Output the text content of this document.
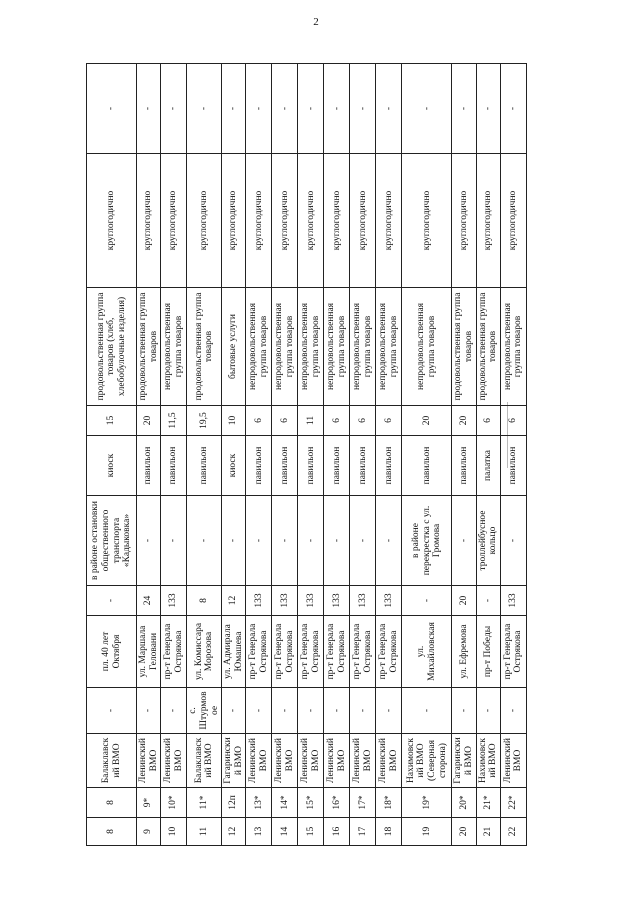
2
8	8	Балаклавский ВМО	-	пл. 40 лет Октября	-	в районе остановки общественного транспорта «Кадыковка»	киоск	15	продовольственная группа товаров (хлеб, хлебобулочные изделия)	круглогодично	-
9	9*	Ленинский ВМО	-	ул. Маршала Геловани	24	-	павильон	20	продовольственная группа товаров	круглогодично	-
10	10*	Ленинский ВМО	-	пр-т Генерала Острякова	133	-	павильон	11,5	непродовольственная группа товаров	круглогодично	-
11	11*	Балаклавский ВМО	с. Штурмовое	ул. Комиссара Морозова	8	-	павильон	19,5	продовольственная группа товаров	круглогодично	-
12	12п	Гагаринский ВМО	-	ул. Адмирала Юмашева	12	-	киоск	10	бытовые услуги	круглогодично	-
13	13*	Ленинский ВМО	-	пр-т Генерала Острякова	133	-	павильон	6	непродовольственная группа товаров	круглогодично	-
14	14*	Ленинский ВМО	-	пр-т Генерала Острякова	133	-	павильон	6	непродовольственная группа товаров	круглогодично	-
15	15*	Ленинский ВМО	-	пр-т Генерала Острякова	133	-	павильон	11	непродовольственная группа товаров	круглогодично	-
16	16*	Ленинский ВМО	-	пр-т Генерала Острякова	133	-	павильон	6	непродовольственная группа товаров	круглогодично	-
17	17*	Ленинский ВМО	-	пр-т Генерала Острякова	133	-	павильон	6	непродовольственная группа товаров	круглогодично	-
18	18*	Ленинский ВМО	-	пр-т Генерала Острякова	133	-	павильон	6	непродовольственная группа товаров	круглогодично	-
19	19*	Нахимовский ВМО (Северная сторона)	-	ул. Михайловская	-	в районе перекрестка с ул. Громова	павильон	20	непродовольственная группа товаров	круглогодично	-
20	20*	Гагаринский ВМО	-	ул. Ефремова	20	-	павильон	20	продовольственная группа товаров	круглогодично	-
21	21*	Нахимовский ВМО	-	пр-т Победы	-	троллейбусное кольцо	палатка	6	продовольственная группа товаров	круглогодично	-
22	22*	Ленинский ВМО	-	пр-т Генерала Острякова	133	-	павильон	6	непродовольственная группа товаров	круглогодично	-
